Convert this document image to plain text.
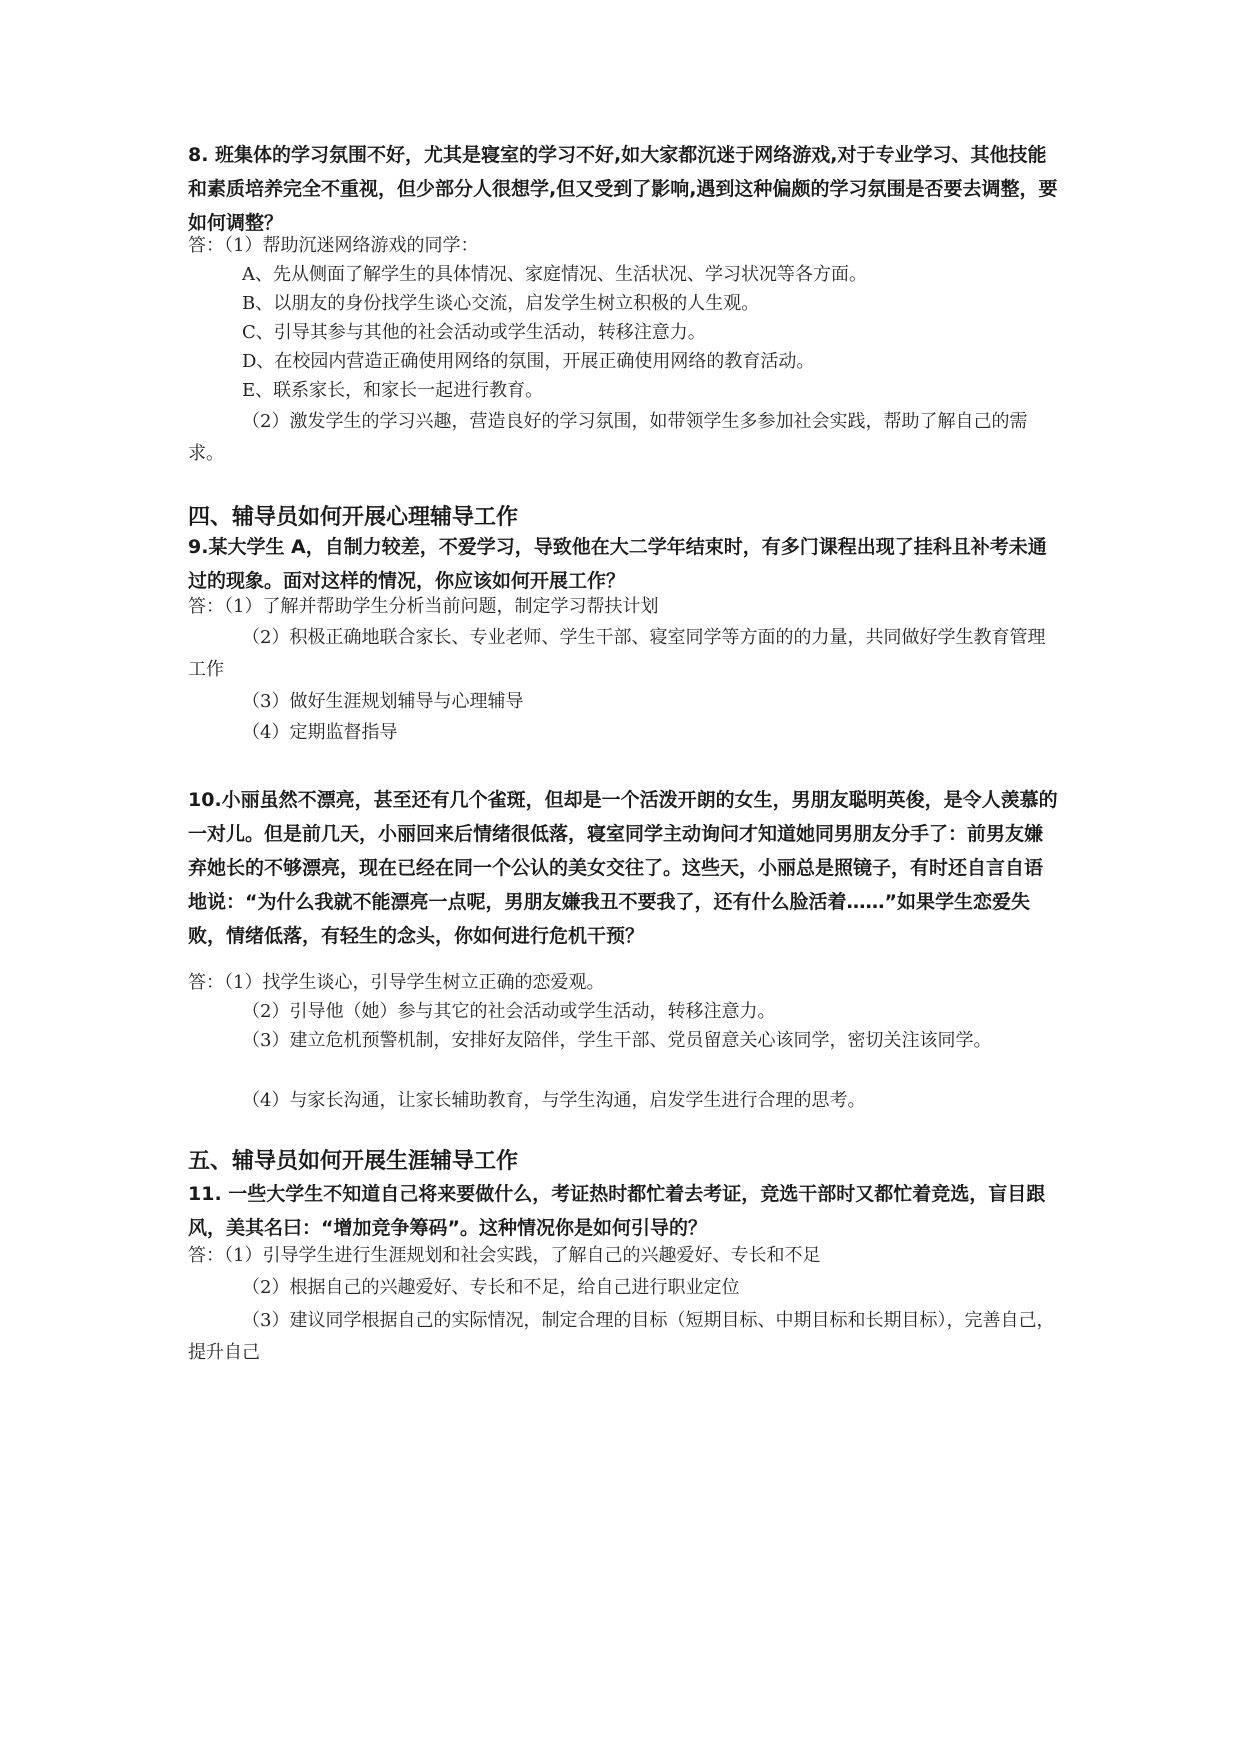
8. 班集体的学习氛围不好，尤其是寝室的学习不好,如大家都沉迷于网络游戏,对于专业学习、其他技能和素质培养完全不重视，但少部分人很想学,但又受到了影响,遇到这种偏颇的学习氛围是否要去调整，要如何调整？

答：（1）帮助沉迷网络游戏的同学：

A、先从侧面了解学生的具体情况、家庭情况、生活状况、学习状况等各方面。

B、以朋友的身份找学生谈心交流，启发学生树立积极的人生观。

C、引导其参与其他的社会活动或学生活动，转移注意力。

D、在校园内营造正确使用网络的氛围，开展正确使用网络的教育活动。

E、联系家长，和家长一起进行教育。

（2）激发学生的学习兴趣，营造良好的学习氛围，如带领学生多参加社会实践，帮助了解自己的需求。

四、辅导员如何开展心理辅导工作

9.某大学生 A，自制力较差，不爱学习，导致他在大二学年结束时，有多门课程出现了挂科且补考未通过的现象。面对这样的情况，你应该如何开展工作？

答：（1）了解并帮助学生分析当前问题，制定学习帮扶计划

（2）积极正确地联合家长、专业老师、学生干部、寝室同学等方面的的力量，共同做好学生教育管理工作

（3）做好生涯规划辅导与心理辅导

（4）定期监督指导

10.小丽虽然不漂亮，甚至还有几个雀斑，但却是一个活泼开朗的女生，男朋友聪明英俊，是令人羡慕的一对儿。但是前几天，小丽回来后情绪很低落，寝室同学主动询问才知道她同男朋友分手了：前男友嫌弃她长的不够漂亮，现在已经在同一个公认的美女交往了。这些天，小丽总是照镜子，有时还自言自语地说：“为什么我就不能漂亮一点呢，男朋友嫌我丑不要我了，还有什么脸活着……”如果学生恋爱失败，情绪低落，有轻生的念头，你如何进行危机干预？

答：（1）找学生谈心，引导学生树立正确的恋爱观。

（2）引导他（她）参与其它的社会活动或学生活动，转移注意力。

（3）建立危机预警机制，安排好友陪伴，学生干部、党员留意关心该同学，密切关注该同学。

（4）与家长沟通，让家长辅助教育，与学生沟通，启发学生进行合理的思考。

五、辅导员如何开展生涯辅导工作

11. 一些大学生不知道自己将来要做什么，考证热时都忙着去考证，竞选干部时又都忙着竞选，盲目跟风，美其名曰：“增加竞争筹码”。这种情况你是如何引导的？

答：（1）引导学生进行生涯规划和社会实践，了解自己的兴趣爱好、专长和不足

（2）根据自己的兴趣爱好、专长和不足，给自己进行职业定位

（3）建议同学根据自己的实际情况，制定合理的目标（短期目标、中期目标和长期目标），完善自己，提升自己
